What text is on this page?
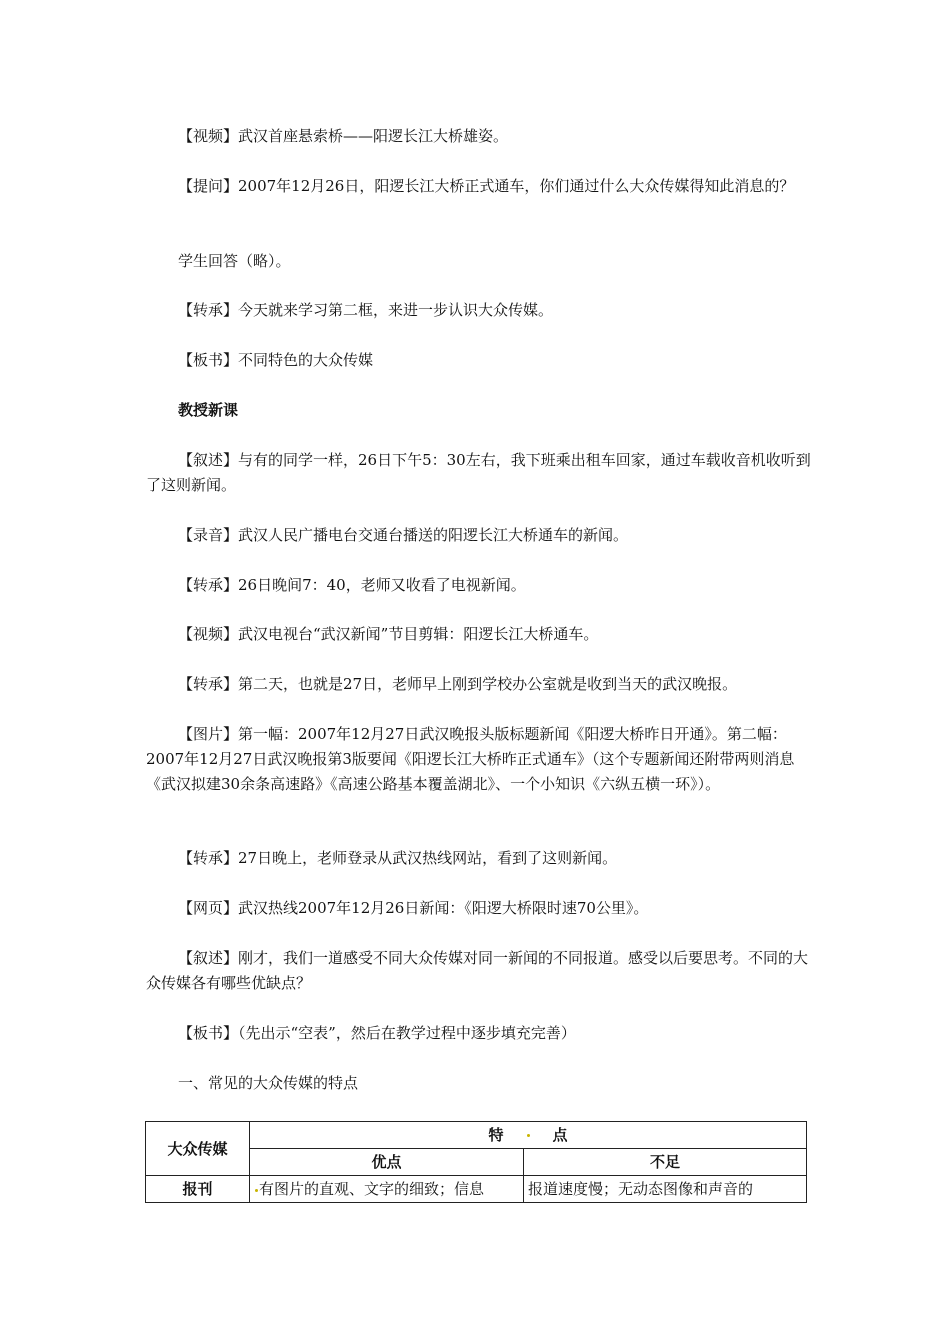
【视频】武汉首座悬索桥——阳逻长江大桥雄姿。

【提问】2007年12月26日，阳逻长江大桥正式通车，你们通过什么大众传媒得知此消息的？

学生回答（略）。

【转承】今天就来学习第二框，来进一步认识大众传媒。

【板书】不同特色的大众传媒

教授新课

【叙述】与有的同学一样，26日下午5：30左右，我下班乘出租车回家，通过车载收音机收听到了这则新闻。

【录音】武汉人民广播电台交通台播送的阳逻长江大桥通车的新闻。

【转承】26日晚间7：40，老师又收看了电视新闻。

【视频】武汉电视台“武汉新闻”节目剪辑：阳逻长江大桥通车。

【转承】第二天，也就是27日，老师早上刚到学校办公室就是收到当天的武汉晚报。

【图片】第一幅：2007年12月27日武汉晚报头版标题新闻《阳逻大桥昨日开通》。第二幅：2007年12月27日武汉晚报第3版要闻《阳逻长江大桥昨正式通车》（这个专题新闻还附带两则消息《武汉拟建30余条高速路》《高速公路基本覆盖湖北》、一个小知识《六纵五横一环》）。

【转承】27日晚上，老师登录从武汉热线网站，看到了这则新闻。

【网页】武汉热线2007年12月26日新闻：《阳逻大桥限时速70公里》。

【叙述】刚才，我们一道感受不同大众传媒对同一新闻的不同报道。感受以后要思考。不同的大众传媒各有哪些优缺点？

【板书】（先出示“空表”，然后在教学过程中逐步填充完善）

一、常见的大众传媒的特点

大众传媒	特 点	
	优点	不足
报刊	有图片的直观、文字的细致；信息	报道速度慢；无动态图像和声音的
